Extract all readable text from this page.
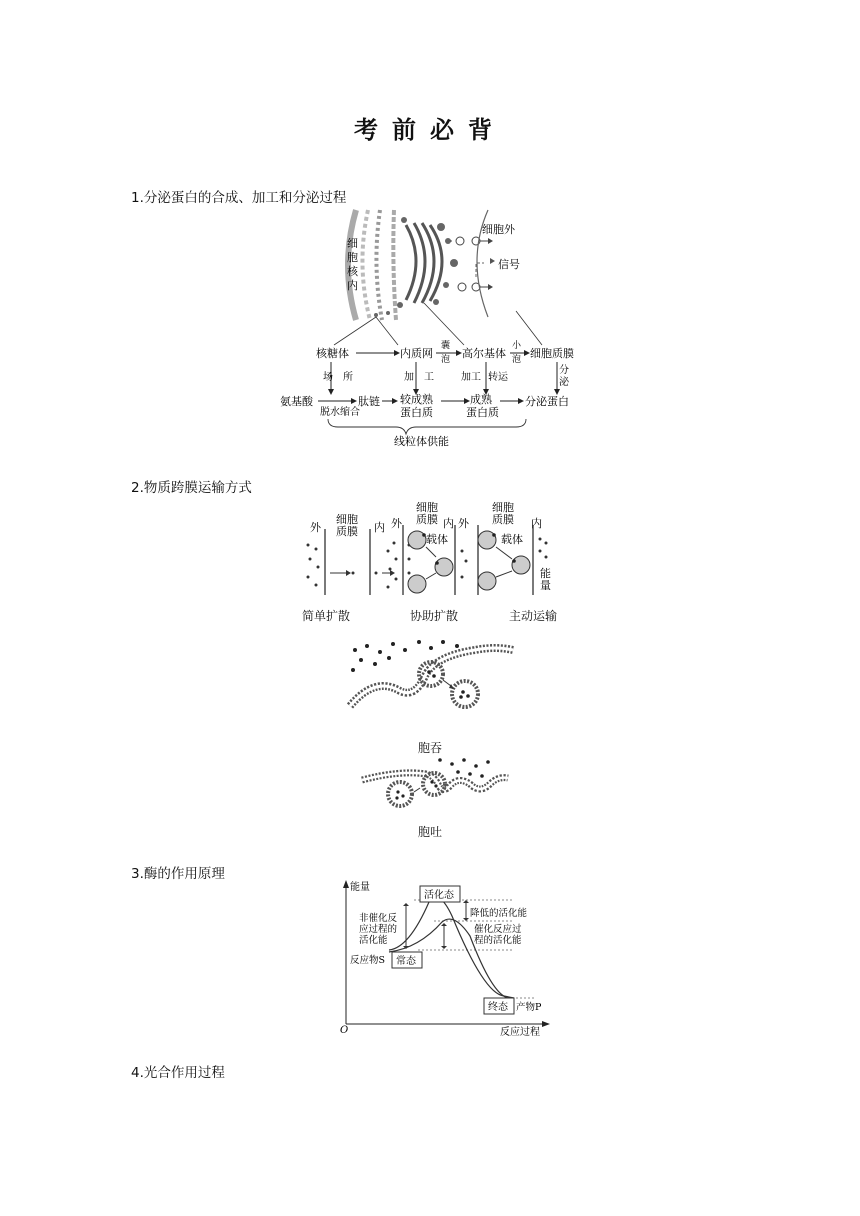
考前必背
1.分泌蛋白的合成、加工和分泌过程
细
胞
核
内
细胞外
信号
核糖体	内质网
囊
泡 高尔基体
小
泡 细胞质膜
场　所	加　工	加工 转运
分
泌
氨基酸
脱水缩合
肽链 较成熟
蛋白质
成熟
蛋白质
分泌蛋白
线粒体供能
2.物质跨膜运输方式
外
细胞
质膜 内 外
细胞
质膜 内 外
细胞
质膜 内
载体	载体
能
量
简单扩散	协助扩散	主动运输
胞吞
胞吐
3.酶的作用原理
能量
反应过程
O
活化态
降低的活化能
非催化反
应过程的
活化能
催化反应过
程的活化能
反应物S 常态
终态 产物P
4.光合作用过程
